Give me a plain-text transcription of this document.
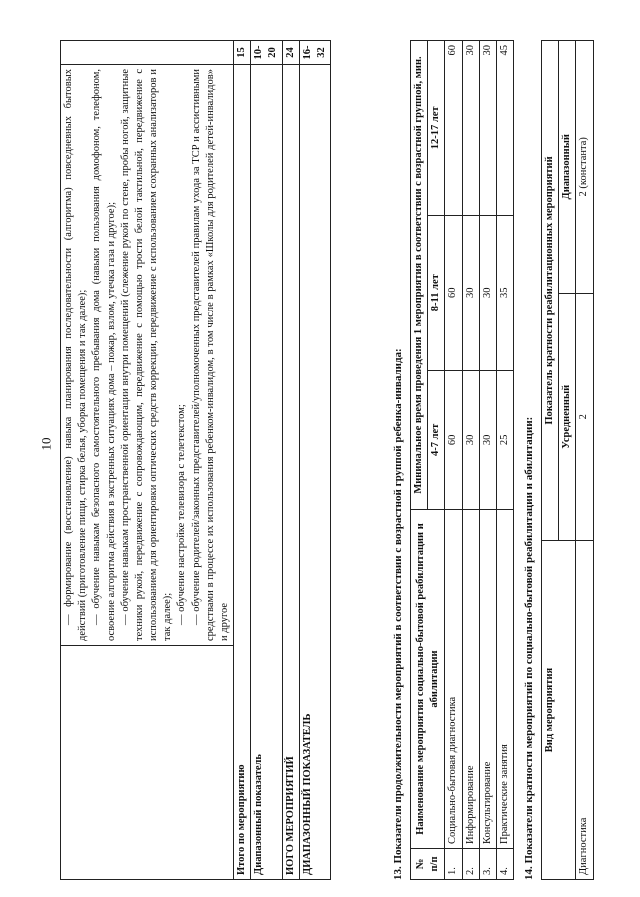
10

	— формирование (восстановление) навыка планирования последовательности (алгоритма) повседневных бытовых действий (приготовление пищи, стирка белья, уборка помещения и так далее); — обучение навыкам безопасного самостоятельного пребывания дома (навыки пользования домофоном, телефоном, освоение алгоритма действия в экстренных ситуациях дома – пожар, взлом, утечка газа и другое); — обучение навыкам пространственной ориентации внутри помещений (слежение рукой по стене, пробы ногой, защитные техники рукой, передвижение с сопровождающим, передвижение с помощью трости белой тактильной, передвижение с использованием для ориентировки оптических средств коррекции, передвижение с использованием сохранных анализаторов и так далее); — обучение настройке телевизора с телетекстом; — обучение родителей/законных представителей/уполномоченных представителей правилам ухода за ТСР и ассистивными средствами в процессе их использования ребенком-инвалидом, в том числе в рамках «Школы для родителей детей-инвалидов» и другое	

Итого по мероприятию		15
Диапазонный показатель		10-20
ИОГО МЕРОПРИЯТИЙ		24
ДИАПАЗОННЫЙ ПОКАЗАТЕЛЬ		16-32
13. Показатели продолжительности мероприятий в соответствии с возрастной группой ребенка-инвалида: № п/п	Наименование мероприятия социально-бытовой реабилитации и абилитации	Минимальное время проведения 1 мероприятия в соответствии с возрастной группой, мин.		
		4-7 лет	8-11 лет	12-17 лет
1.	Социально-бытовая диагностика	60	60	60
2.	Информирование	30	30	30
3.	Консультирование	30	30	30
4.	Практические занятия	25	35	45
14. Показатели кратности мероприятий по социально-бытовой реабилитации и абилитации: Вид мероприятия	Показатель кратности реабилитационных мероприятий	
	Усредненный	Диапазонный
Диагностика	2	2 (константа)
